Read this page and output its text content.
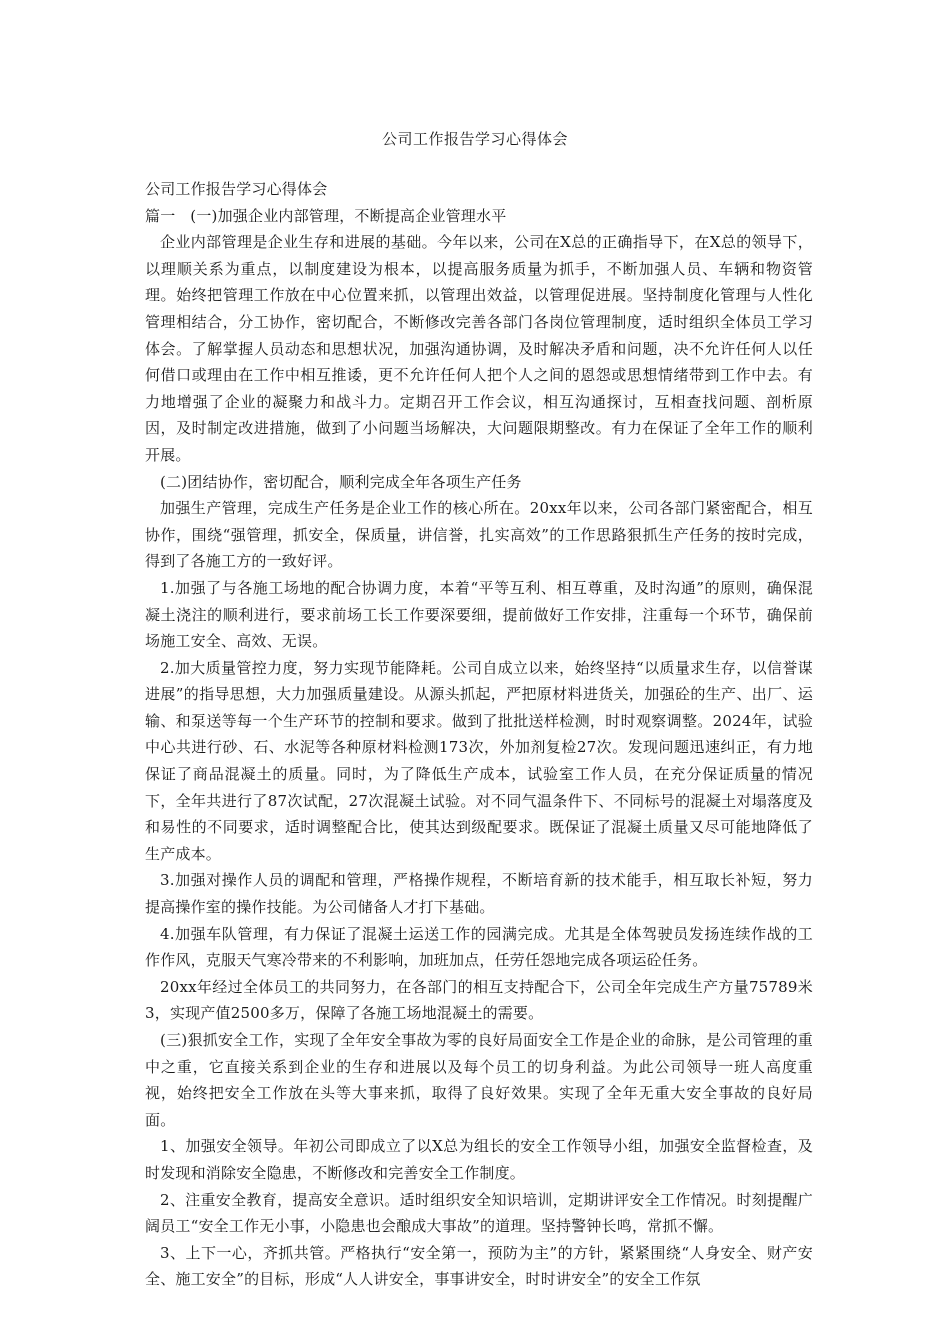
公司工作报告学习心得体会

公司工作报告学习心得体会

篇一   (一)加强企业内部管理，不断提高企业管理水平

企业内部管理是企业生存和进展的基础。今年以来，公司在X总的正确指导下，在X总的领导下，以理顺关系为重点，以制度建设为根本，以提高服务质量为抓手，不断加强人员、车辆和物资管理。始终把管理工作放在中心位置来抓，以管理出效益，以管理促进展。坚持制度化管理与人性化管理相结合，分工协作，密切配合，不断修改完善各部门各岗位管理制度，适时组织全体员工学习体会。了解掌握人员动态和思想状况，加强沟通协调，及时解决矛盾和问题，决不允许任何人以任何借口或理由在工作中相互推诿，更不允许任何人把个人之间的恩怨或思想情绪带到工作中去。有力地增强了企业的凝聚力和战斗力。定期召开工作会议，相互沟通探讨，互相查找问题、剖析原因，及时制定改进措施，做到了小问题当场解决，大问题限期整改。有力在保证了全年工作的顺利开展。

(二)团结协作，密切配合，顺利完成全年各项生产任务

加强生产管理，完成生产任务是企业工作的核心所在。20xx年以来，公司各部门紧密配合，相互协作，围绕“强管理，抓安全，保质量，讲信誉，扎实高效”的工作思路狠抓生产任务的按时完成，得到了各施工方的一致好评。

1.加强了与各施工场地的配合协调力度，本着“平等互利、相互尊重，及时沟通”的原则，确保混凝土浇注的顺利进行，要求前场工长工作要深要细，提前做好工作安排，注重每一个环节，确保前场施工安全、高效、无误。

2.加大质量管控力度，努力实现节能降耗。公司自成立以来，始终坚持“以质量求生存，以信誉谋进展”的指导思想，大力加强质量建设。从源头抓起，严把原材料进货关，加强砼的生产、出厂、运输、和泵送等每一个生产环节的控制和要求。做到了批批送样检测，时时观察调整。2024年，试验中心共进行砂、石、水泥等各种原材料检测173次，外加剂复检27次。发现问题迅速纠正，有力地保证了商品混凝土的质量。同时，为了降低生产成本，试验室工作人员，在充分保证质量的情况下，全年共进行了87次试配，27次混凝土试验。对不同气温条件下、不同标号的混凝土对塌落度及和易性的不同要求，适时调整配合比，使其达到级配要求。既保证了混凝土质量又尽可能地降低了生产成本。

3.加强对操作人员的调配和管理，严格操作规程，不断培育新的技术能手，相互取长补短，努力提高操作室的操作技能。为公司储备人才打下基础。

4.加强车队管理，有力保证了混凝土运送工作的园满完成。尤其是全体驾驶员发扬连续作战的工作作风，克服天气寒冷带来的不利影响，加班加点，任劳任怨地完成各项运砼任务。

20xx年经过全体员工的共同努力，在各部门的相互支持配合下，公司全年完成生产方量75789米3，实现产值2500多万，保障了各施工场地混凝土的需要。

(三)狠抓安全工作，实现了全年安全事故为零的良好局面安全工作是企业的命脉，是公司管理的重中之重，它直接关系到企业的生存和进展以及每个员工的切身利益。为此公司领导一班人高度重视，始终把安全工作放在头等大事来抓，取得了良好效果。实现了全年无重大安全事故的良好局面。

1、加强安全领导。年初公司即成立了以X总为组长的安全工作领导小组，加强安全监督检查，及时发现和消除安全隐患，不断修改和完善安全工作制度。

2、注重安全教育，提高安全意识。适时组织安全知识培训，定期讲评安全工作情况。时刻提醒广阔员工“安全工作无小事，小隐患也会酿成大事故”的道理。坚持警钟长鸣，常抓不懈。

3、上下一心，齐抓共管。严格执行“安全第一，预防为主”的方针，紧紧围绕“人身安全、财产安全、施工安全”的目标，形成“人人讲安全，事事讲安全，时时讲安全”的安全工作氛
